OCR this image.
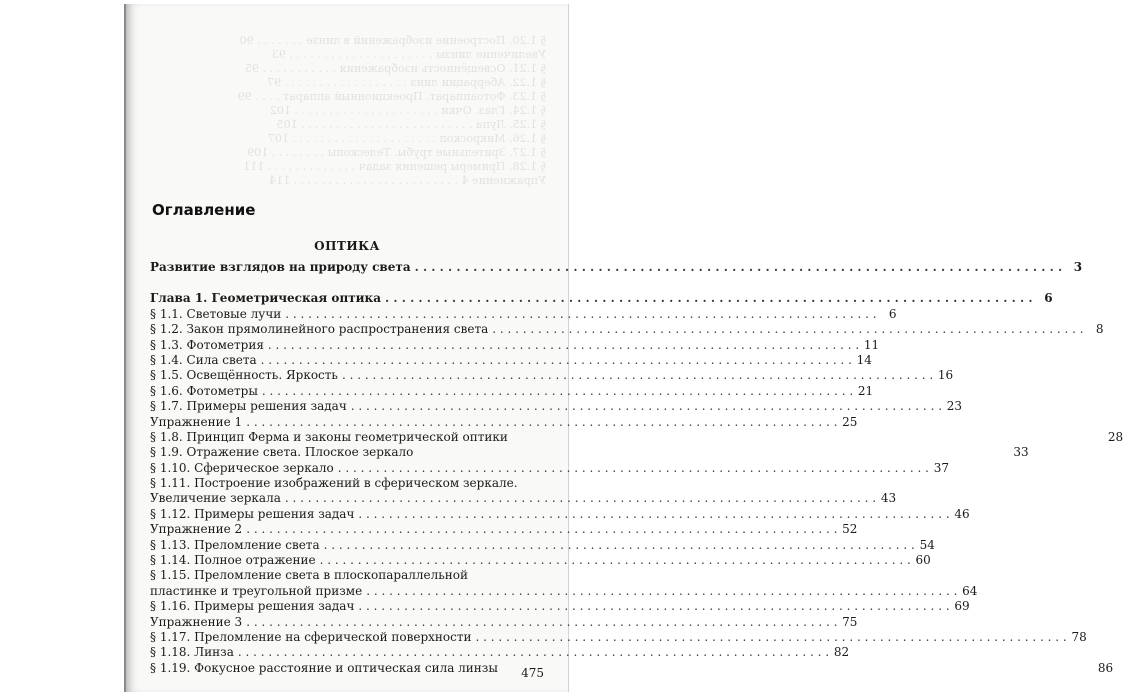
§ 1.20. Построение изображений в линзе . . . . . . . 90
Увеличение линзы . . . . . . . . . . . . . . . . . . . . . 93
§ 1.21. Освещённость изображения . . . . . . . . . . . 95
§ 1.22. Аберрации линз . . . . . . . . . . . . . . . . . . 97
§ 1.23. Фотоаппарат. Проекционный аппарат . . . . 99
§ 1.24. Глаз. Очки . . . . . . . . . . . . . . . . . . . . . 102
§ 1.25. Лупа . . . . . . . . . . . . . . . . . . . . . . . . . 105
§ 1.26. Микроскоп . . . . . . . . . . . . . . . . . . . . . 107
§ 1.27. Зрительные трубы. Телескопы . . . . . . . . 109
§ 1.28. Примеры решения задач . . . . . . . . . . . . . 111
Упражнение 4 . . . . . . . . . . . . . . . . . . . . . . . . 114
Оглавление
ОПТИКА
Развитие взглядов на природу света . . .	3
Глава 1. Геометрическая оптика . . .	6
§ 1.1. Световые лучи . . .	6
§ 1.2. Закон прямолинейного распространения света . . .	8
§ 1.3. Фотометрия . . .	11
§ 1.4. Сила света . . .	14
§ 1.5. Освещённость. Яркость . . .	16
§ 1.6. Фотометры . . .	21
§ 1.7. Примеры решения задач . . .	23
Упражнение 1 . . .	25
§ 1.8. Принцип Ферма и законы геометрической оптики	28
§ 1.9. Отражение света. Плоское зеркало	33
§ 1.10. Сферическое зеркало . . .	37
§ 1.11. Построение изображений в сферическом зеркале.
Увеличение зеркала . . .	43
§ 1.12. Примеры решения задач . . .	46
Упражнение 2 . . .	52
§ 1.13. Преломление света . . .	54
§ 1.14. Полное отражение . . .	60
§ 1.15. Преломление света в плоскопараллельной
пластинке и треугольной призме . . .	64
§ 1.16. Примеры решения задач . . .	69
Упражнение 3 . . .	75
§ 1.17. Преломление на сферической поверхности . . .	78
§ 1.18. Линза . . .	82
§ 1.19. Фокусное расстояние и оптическая сила линзы	86
475
